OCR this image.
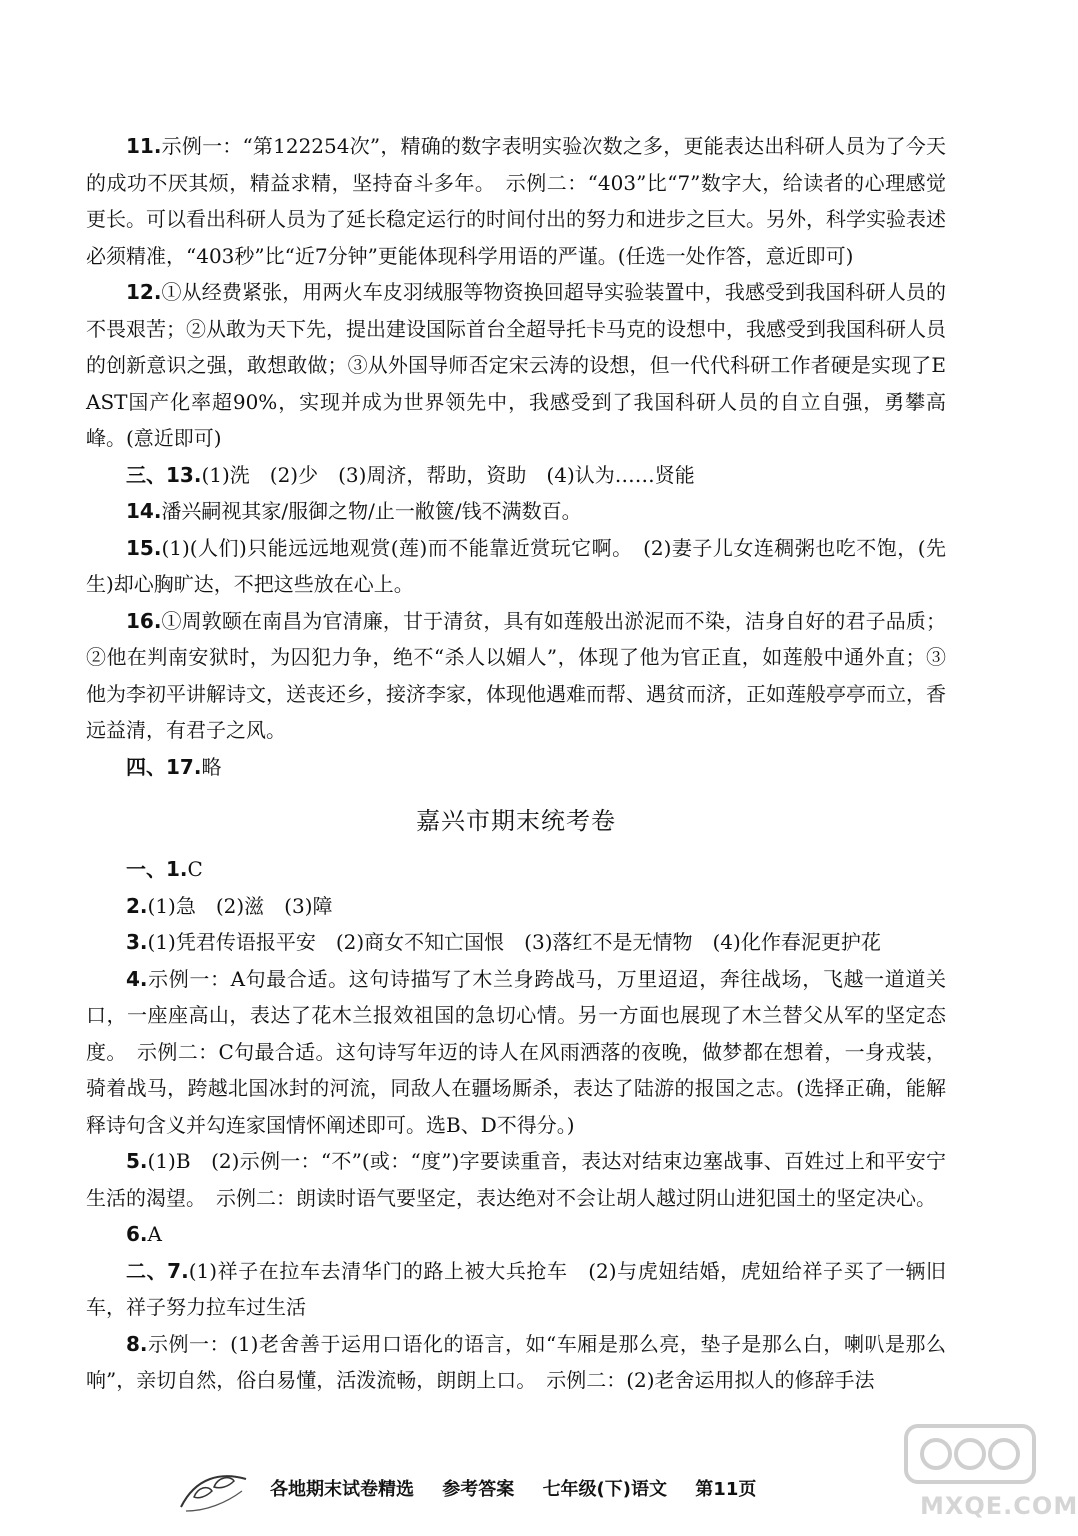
11.示例一：“第122254次”，精确的数字表明实验次数之多，更能表达出科研人员为了今天的成功不厌其烦，精益求精，坚持奋斗多年。　示例二：“403”比“7”数字大，给读者的心理感觉更长。可以看出科研人员为了延长稳定运行的时间付出的努力和进步之巨大。另外，科学实验表述必须精准，“403秒”比“近7分钟”更能体现科学用语的严谨。(任选一处作答，意近即可)

12.①从经费紧张，用两火车皮羽绒服等物资换回超导实验装置中，我感受到我国科研人员的不畏艰苦；②从敢为天下先，提出建设国际首台全超导托卡马克的设想中，我感受到我国科研人员的创新意识之强，敢想敢做；③从外国导师否定宋云涛的设想，但一代代科研工作者硬是实现了EAST国产化率超90%，实现并成为世界领先中，我感受到了我国科研人员的自立自强，勇攀高峰。(意近即可)

三、13.(1)洗　(2)少　(3)周济，帮助，资助　(4)认为……贤能

14.潘兴嗣视其家/服御之物/止一敝篋/钱不满数百。

15.(1)(人们)只能远远地观赏(莲)而不能靠近赏玩它啊。　(2)妻子儿女连稠粥也吃不饱，(先生)却心胸旷达，不把这些放在心上。

16.①周敦颐在南昌为官清廉，甘于清贫，具有如莲般出淤泥而不染，洁身自好的君子品质；②他在判南安狱时，为囚犯力争，绝不“杀人以媚人”，体现了他为官正直，如莲般中通外直；③他为李初平讲解诗文，送丧还乡，接济李家，体现他遇难而帮、遇贫而济，正如莲般亭亭而立，香远益清，有君子之风。

四、17.略

嘉兴市期末统考卷

一、1.C

2.(1)急　(2)滋　(3)障

3.(1)凭君传语报平安　(2)商女不知亡国恨　(3)落红不是无情物　(4)化作春泥更护花

4.示例一：A句最合适。这句诗描写了木兰身跨战马，万里迢迢，奔往战场，飞越一道道关口，一座座高山，表达了花木兰报效祖国的急切心情。另一方面也展现了木兰替父从军的坚定态度。　示例二：C句最合适。这句诗写年迈的诗人在风雨洒落的夜晚，做梦都在想着，一身戎装，骑着战马，跨越北国冰封的河流，同敌人在疆场厮杀，表达了陆游的报国之志。(选择正确，能解释诗句含义并勾连家国情怀阐述即可。选B、D不得分。)

5.(1)B　(2)示例一：“不”(或：“度”)字要读重音，表达对结束边塞战事、百姓过上和平安宁生活的渴望。　示例二：朗读时语气要坚定，表达绝对不会让胡人越过阴山进犯国土的坚定决心。

6.A

二、7.(1)祥子在拉车去清华门的路上被大兵抢车　(2)与虎妞结婚，虎妞给祥子买了一辆旧车，祥子努力拉车过生活

8.示例一：(1)老舍善于运用口语化的语言，如“车厢是那么亮，垫子是那么白，喇叭是那么响”，亲切自然，俗白易懂，活泼流畅，朗朗上口。　示例二：(2)老舍运用拟人的修辞手法

各地期末试卷精选 参考答案 七年级(下)语文 第11页
MXQE.COM
